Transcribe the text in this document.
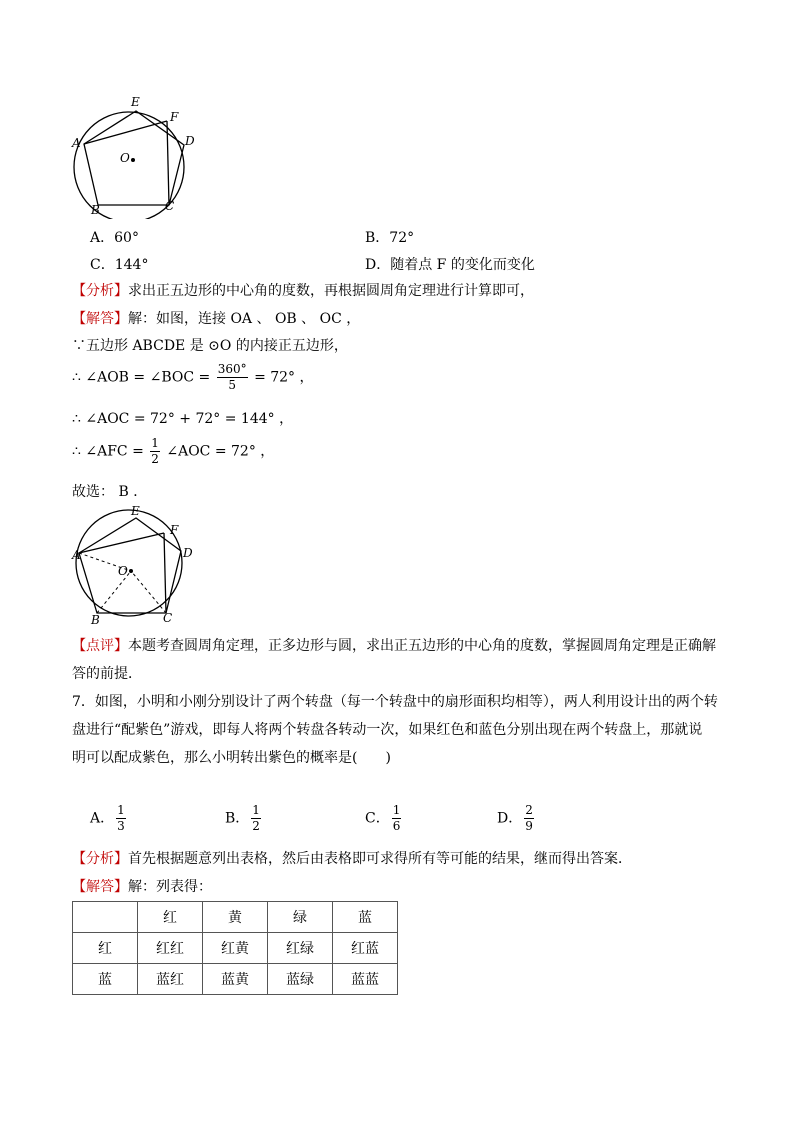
A
E
F
D
O
B	C
A．60°	B．72°
C．144°	D．随着点 F 的变化而变化
【分析】求出正五边形的中心角的度数，再根据圆周角定理进行计算即可，
【解答】解：如图，连接 OA 、 OB 、 OC ，
∵五边形 ABCDE 是 ⊙O 的内接正五边形，
∴ ∠AOB = ∠BOC = $\frac{360^\circ}{5} = 72^\circ$ ，
∴ ∠AOC = 72° + 72° = 144° ，
∴ ∠AFC = $\frac{1}{2}$ ∠AOC = 72° ，
故选： B ．
A
E
F
D
O
B	C
【点评】本题考查圆周角定理，正多边形与圆，求出正五边形的中心角的度数，掌握圆周角定理是正确解
答的前提．
7．如图，小明和小刚分别设计了两个转盘（每一个转盘中的扇形面积均相等），两人利用设计出的两个转
盘进行“配紫色”游戏，即每人将两个转盘各转动一次，如果红色和蓝色分别出现在两个转盘上，那就说
明可以配成紫色，那么小明转出紫色的概率是(　　)
A． $\frac{1}{3}$	B． $\frac{1}{2}$	C． $\frac{1}{6}$	D． $\frac{2}{9}$
【分析】首先根据题意列出表格，然后由表格即可求得所有等可能的结果，继而得出答案．
【解答】解：列表得：
	红	黄	绿	蓝
红	红红	红黄	红绿	红蓝
蓝	蓝红	蓝黄	蓝绿	蓝蓝
